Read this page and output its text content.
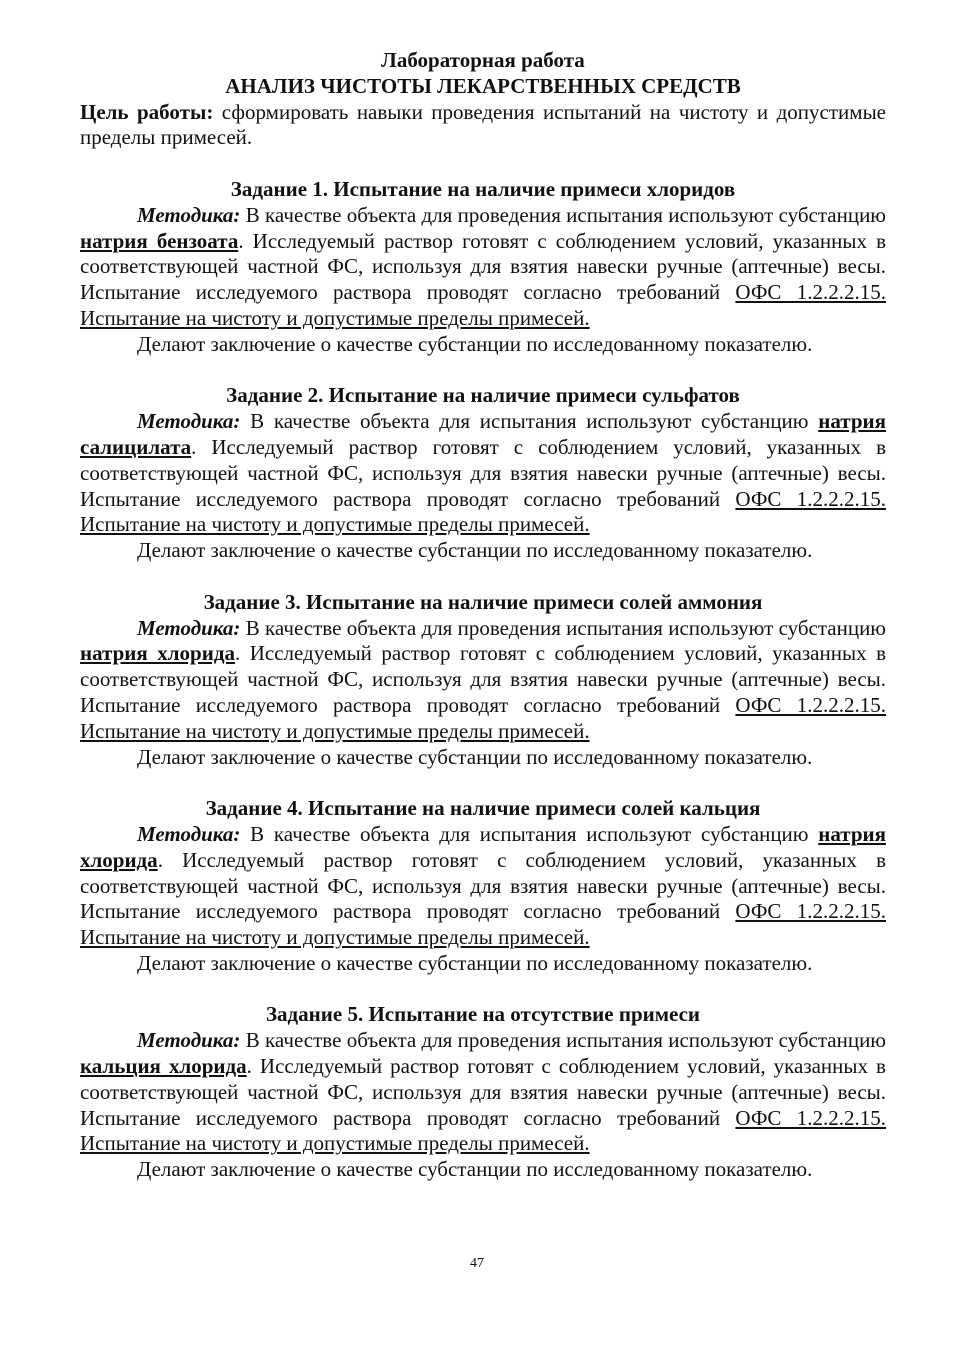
Лабораторная работа
АНАЛИЗ ЧИСТОТЫ ЛЕКАРСТВЕННЫХ СРЕДСТВ

Цель работы: сформировать навыки проведения испытаний на чистоту и допустимые пределы примесей.

Задание 1. Испытание на наличие примеси хлоридов

Методика: В качестве объекта для проведения испытания используют субстанцию натрия бензоата. Исследуемый раствор готовят с соблюдением условий, указанных в соответствующей частной ФС, используя для взятия навески ручные (аптечные) весы. Испытание исследуемого раствора проводят согласно требований ОФС 1.2.2.2.15. Испытание на чистоту и допустимые пределы примесей.

Делают заключение о качестве субстанции по исследованному показателю.

Задание 2. Испытание на наличие примеси сульфатов

Методика: В качестве объекта для испытания используют субстанцию натрия салицилата. Исследуемый раствор готовят с соблюдением условий, указанных в соответствующей частной ФС, используя для взятия навески ручные (аптечные) весы. Испытание исследуемого раствора проводят согласно требований ОФС 1.2.2.2.15. Испытание на чистоту и допустимые пределы примесей.

Делают заключение о качестве субстанции по исследованному показателю.

Задание 3. Испытание на наличие примеси солей аммония

Методика: В качестве объекта для проведения испытания используют субстанцию натрия хлорида. Исследуемый раствор готовят с соблюдением условий, указанных в соответствующей частной ФС, используя для взятия навески ручные (аптечные) весы. Испытание исследуемого раствора проводят согласно требований ОФС 1.2.2.2.15. Испытание на чистоту и допустимые пределы примесей.

Делают заключение о качестве субстанции по исследованному показателю.

Задание 4. Испытание на наличие примеси солей кальция

Методика: В качестве объекта для испытания используют субстанцию натрия хлорида. Исследуемый раствор готовят с соблюдением условий, указанных в соответствующей частной ФС, используя для взятия навески ручные (аптечные) весы. Испытание исследуемого раствора проводят согласно требований ОФС 1.2.2.2.15. Испытание на чистоту и допустимые пределы примесей.

Делают заключение о качестве субстанции по исследованному показателю.

Задание 5. Испытание на отсутствие примеси

Методика: В качестве объекта для проведения испытания используют субстанцию кальция хлорида. Исследуемый раствор готовят с соблюдением условий, указанных в соответствующей частной ФС, используя для взятия навески ручные (аптечные) весы. Испытание исследуемого раствора проводят согласно требований ОФС 1.2.2.2.15. Испытание на чистоту и допустимые пределы примесей.

Делают заключение о качестве субстанции по исследованному показателю.

47
